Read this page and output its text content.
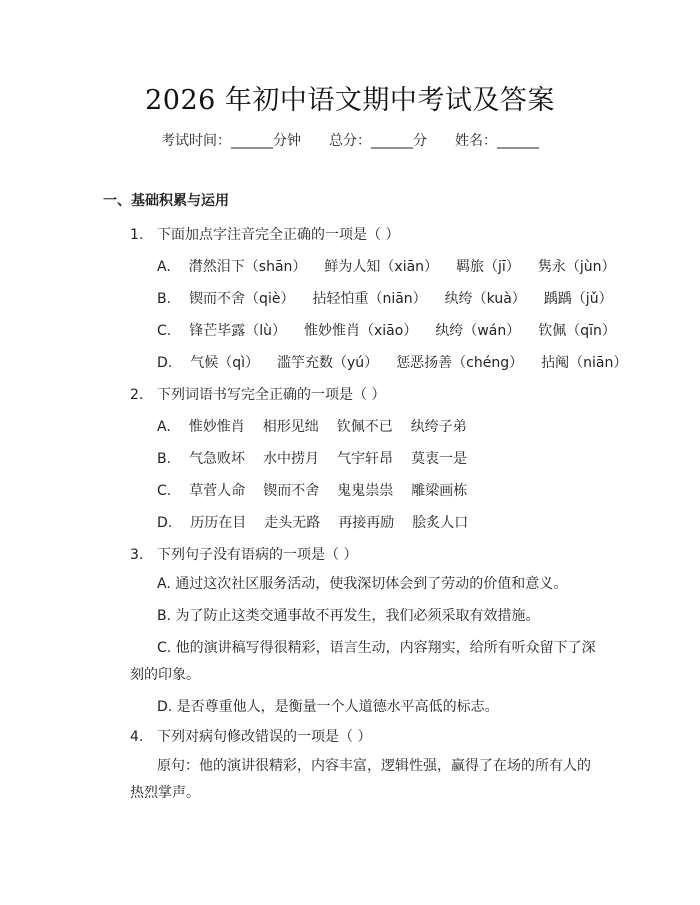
2026 年初中语文期中考试及答案
考试时间：______分钟 总分：______分 姓名：______
一、基础积累与运用
1. 下面加点字注音完全正确的一项是（ ）
A. 潸然泪下（shān） 鲜为人知（xiān） 羁旅（jī） 隽永（jùn）
B. 锲而不舍（qiè） 拈轻怕重（niān） 纨绔（kuà） 踽踽（jǔ）
C. 锋芒毕露（lù） 惟妙惟肖（xiāo） 纨绔（wán） 钦佩（qīn）
D. 气候（qì） 滥竽充数（yú） 惩恶扬善（chéng） 拈阄（niān）
2. 下列词语书写完全正确的一项是（ ）
A. 惟妙惟肖 相形见绌 钦佩不已 纨绔子弟
B. 气急败坏 水中捞月 气宇轩昂 莫衷一是
C. 草菅人命 锲而不舍 鬼鬼祟祟 雕梁画栋
D. 历历在目 走头无路 再接再励 脍炙人口
3. 下列句子没有语病的一项是（ ）
A. 通过这次社区服务活动，使我深切体会到了劳动的价值和意义。
B. 为了防止这类交通事故不再发生，我们必须采取有效措施。
C. 他的演讲稿写得很精彩，语言生动，内容翔实，给所有听众留下了深刻的印象。
D. 是否尊重他人，是衡量一个人道德水平高低的标志。
4. 下列对病句修改错误的一项是（ ）
原句：他的演讲很精彩，内容丰富，逻辑性强，赢得了在场的所有人的热烈掌声。
